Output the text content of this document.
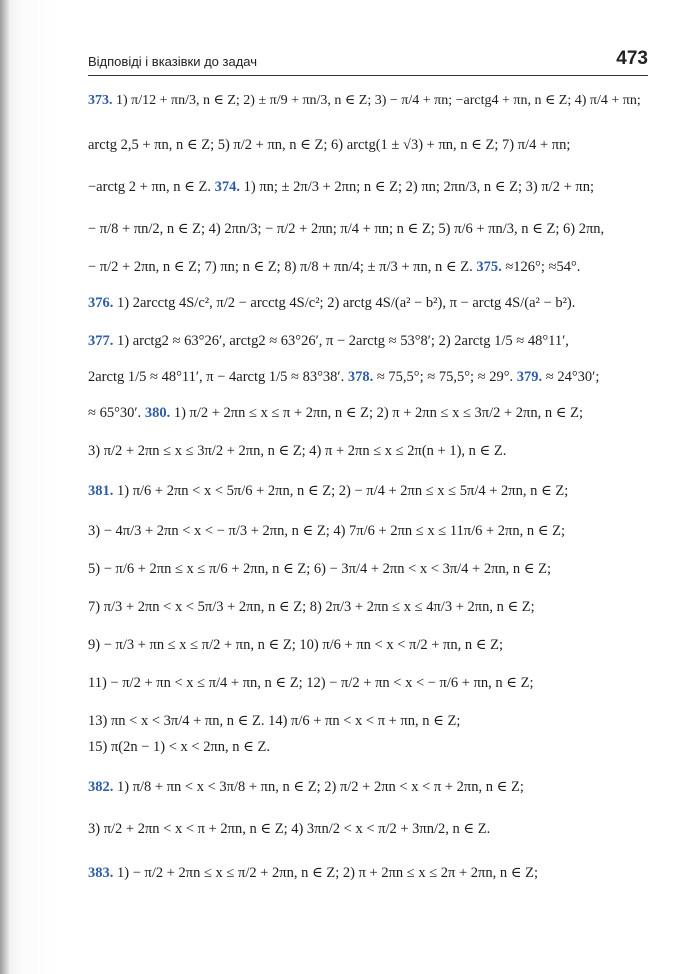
Відповіді і вказівки до задач	473
373. 1) π/12 + πn/3, n ∈ Z; 2) ± π/9 + πn/3, n ∈ Z; 3) − π/4 + πn; −arctg4 + πn, n ∈ Z; 4) π/4 + πn;
arctg 2,5 + πn, n ∈ Z; 5) π/2 + πn, n ∈ Z; 6) arctg(1 ± √3) + πn, n ∈ Z; 7) π/4 + πn;
−arctg 2 + πn, n ∈ Z. 374. 1) πn; ± 2π/3 + 2πn; n ∈ Z; 2) πn; 2πn/3, n ∈ Z; 3) π/2 + πn;
− π/8 + πn/2, n ∈ Z; 4) 2πn/3; − π/2 + 2πn; π/4 + πn; n ∈ Z; 5) π/6 + πn/3, n ∈ Z; 6) 2πn,
− π/2 + 2πn, n ∈ Z; 7) πn; n ∈ Z; 8) π/8 + πn/4; ± π/3 + πn, n ∈ Z. 375. ≈126°; ≈54°.
376. 1) 2arcctg 4S/c², π/2 − arcctg 4S/c²; 2) arctg 4S/(a² − b²), π − arctg 4S/(a² − b²).
377. 1) arctg2 ≈ 63°26′, arctg2 ≈ 63°26′, π − 2arctg ≈ 53°8′; 2) 2arctg 1/5 ≈ 48°11′,
2arctg 1/5 ≈ 48°11′, π − 4arctg 1/5 ≈ 83°38′. 378. ≈ 75,5°; ≈ 75,5°; ≈ 29°. 379. ≈ 24°30′;
≈ 65°30′. 380. 1) π/2 + 2πn ≤ x ≤ π + 2πn, n ∈ Z; 2) π + 2πn ≤ x ≤ 3π/2 + 2πn, n ∈ Z;
3) π/2 + 2πn ≤ x ≤ 3π/2 + 2πn, n ∈ Z; 4) π + 2πn ≤ x ≤ 2π(n + 1), n ∈ Z.
381. 1) π/6 + 2πn < x < 5π/6 + 2πn, n ∈ Z; 2) − π/4 + 2πn ≤ x ≤ 5π/4 + 2πn, n ∈ Z;
3) − 4π/3 + 2πn < x < − π/3 + 2πn, n ∈ Z; 4) 7π/6 + 2πn ≤ x ≤ 11π/6 + 2πn, n ∈ Z;
5) − π/6 + 2πn ≤ x ≤ π/6 + 2πn, n ∈ Z; 6) − 3π/4 + 2πn < x < 3π/4 + 2πn, n ∈ Z;
7) π/3 + 2πn < x < 5π/3 + 2πn, n ∈ Z; 8) 2π/3 + 2πn ≤ x ≤ 4π/3 + 2πn, n ∈ Z;
9) − π/3 + πn ≤ x ≤ π/2 + πn, n ∈ Z; 10) π/6 + πn < x < π/2 + πn, n ∈ Z;
11) − π/2 + πn < x ≤ π/4 + πn, n ∈ Z; 12) − π/2 + πn < x < − π/6 + πn, n ∈ Z;
13) πn < x < 3π/4 + πn, n ∈ Z. 14) π/6 + πn < x < π + πn, n ∈ Z;
15) π(2n − 1) < x < 2πn, n ∈ Z.
382. 1) π/8 + πn < x < 3π/8 + πn, n ∈ Z; 2) π/2 + 2πn < x < π + 2πn, n ∈ Z;
3) π/2 + 2πn < x < π + 2πn, n ∈ Z; 4) 3πn/2 < x < π/2 + 3πn/2, n ∈ Z.
383. 1) − π/2 + 2πn ≤ x ≤ π/2 + 2πn, n ∈ Z; 2) π + 2πn ≤ x ≤ 2π + 2πn, n ∈ Z;
